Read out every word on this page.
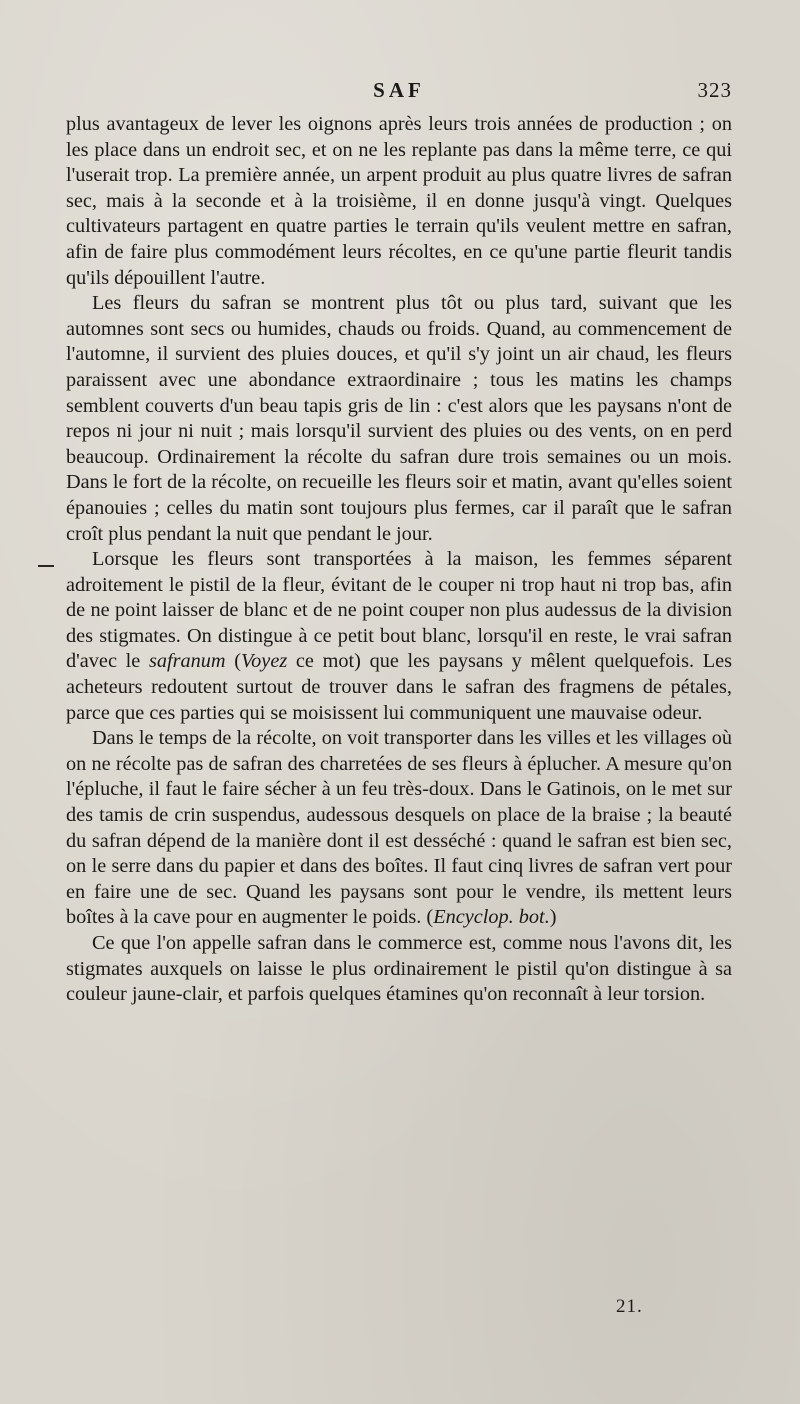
SAF	323

plus avantageux de lever les oignons après leurs trois années de production ; on les place dans un endroit sec, et on ne les replante pas dans la même terre, ce qui l'userait trop. La première année, un arpent produit au plus quatre livres de safran sec, mais à la seconde et à la troisième, il en donne jusqu'à vingt. Quelques cultivateurs partagent en quatre parties le terrain qu'ils veulent mettre en safran, afin de faire plus commodément leurs récoltes, en ce qu'une partie fleurit tandis qu'ils dépouillent l'autre.

Les fleurs du safran se montrent plus tôt ou plus tard, suivant que les automnes sont secs ou humides, chauds ou froids. Quand, au commencement de l'automne, il survient des pluies douces, et qu'il s'y joint un air chaud, les fleurs paraissent avec une abondance extraordinaire ; tous les matins les champs semblent couverts d'un beau tapis gris de lin : c'est alors que les paysans n'ont de repos ni jour ni nuit ; mais lorsqu'il survient des pluies ou des vents, on en perd beaucoup. Ordinairement la récolte du safran dure trois semaines ou un mois. Dans le fort de la récolte, on recueille les fleurs soir et matin, avant qu'elles soient épanouies ; celles du matin sont toujours plus fermes, car il paraît que le safran croît plus pendant la nuit que pendant le jour.

Lorsque les fleurs sont transportées à la maison, les femmes séparent adroitement le pistil de la fleur, évitant de le couper ni trop haut ni trop bas, afin de ne point laisser de blanc et de ne point couper non plus audessus de la division des stigmates. On distingue à ce petit bout blanc, lorsqu'il en reste, le vrai safran d'avec le safranum (Voyez ce mot) que les paysans y mêlent quelquefois. Les acheteurs redoutent surtout de trouver dans le safran des fragmens de pétales, parce que ces parties qui se moisissent lui communiquent une mauvaise odeur.

Dans le temps de la récolte, on voit transporter dans les villes et les villages où on ne récolte pas de safran des charretées de ses fleurs à éplucher. A mesure qu'on l'épluche, il faut le faire sécher à un feu très-doux. Dans le Gatinois, on le met sur des tamis de crin suspendus, audessous desquels on place de la braise ; la beauté du safran dépend de la manière dont il est desséché : quand le safran est bien sec, on le serre dans du papier et dans des boîtes. Il faut cinq livres de safran vert pour en faire une de sec. Quand les paysans sont pour le vendre, ils mettent leurs boîtes à la cave pour en augmenter le poids. (Encyclop. bot.)

Ce que l'on appelle safran dans le commerce est, comme nous l'avons dit, les stigmates auxquels on laisse le plus ordinairement le pistil qu'on distingue à sa couleur jaune-clair, et parfois quelques étamines qu'on reconnaît à leur torsion.

21.
